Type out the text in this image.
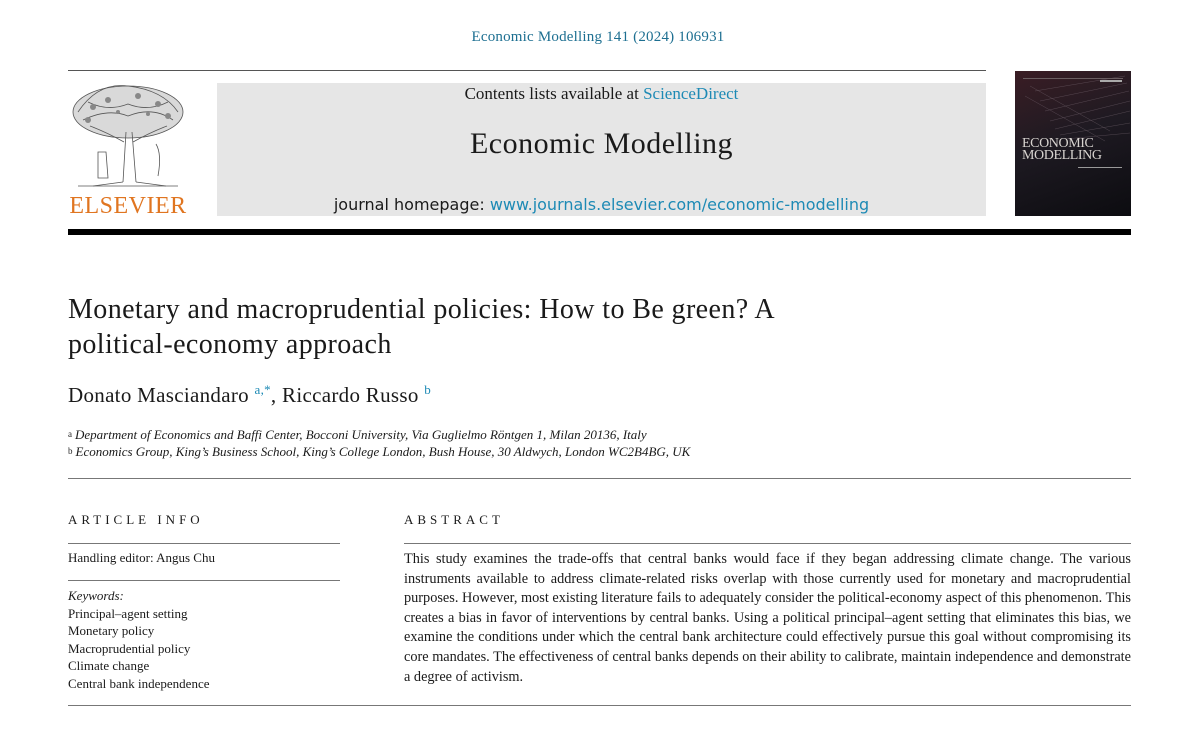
Economic Modelling 141 (2024) 106931
ELSEVIER
Contents lists available at ScienceDirect
Economic Modelling
journal homepage: www.journals.elsevier.com/economic-modelling
ECONOMIC
MODELLING
Monetary and macroprudential policies: How to Be green? A
political-economy approach
Donato Masciandaro $^{a,*}$, Riccardo Russo $^b$
$^a$ Department of Economics and Baffi Center, Bocconi University, Via Guglielmo Röntgen 1, Milan 20136, Italy
$^b$ Economics Group, King’s Business School, King’s College London, Bush House, 30 Aldwych, London WC2B4BG, UK
ARTICLE INFO
Handling editor: Angus Chu
Keywords:
Principal–agent setting
Monetary policy
Macroprudential policy
Climate change
Central bank independence
ABSTRACT

This study examines the trade-offs that central banks would face if they began addressing climate change. The various instruments available to address climate-related risks overlap with those currently used for monetary and macroprudential purposes. However, most existing literature fails to adequately consider the political-economy aspect of this phenomenon. This creates a bias in favor of interventions by central banks. Using a political principal–agent setting that eliminates this bias, we examine the conditions under which the central bank architecture could effectively pursue this goal without compromising its core mandates. The effectiveness of central banks depends on their ability to calibrate, maintain independence and demonstrate a degree of activism.
